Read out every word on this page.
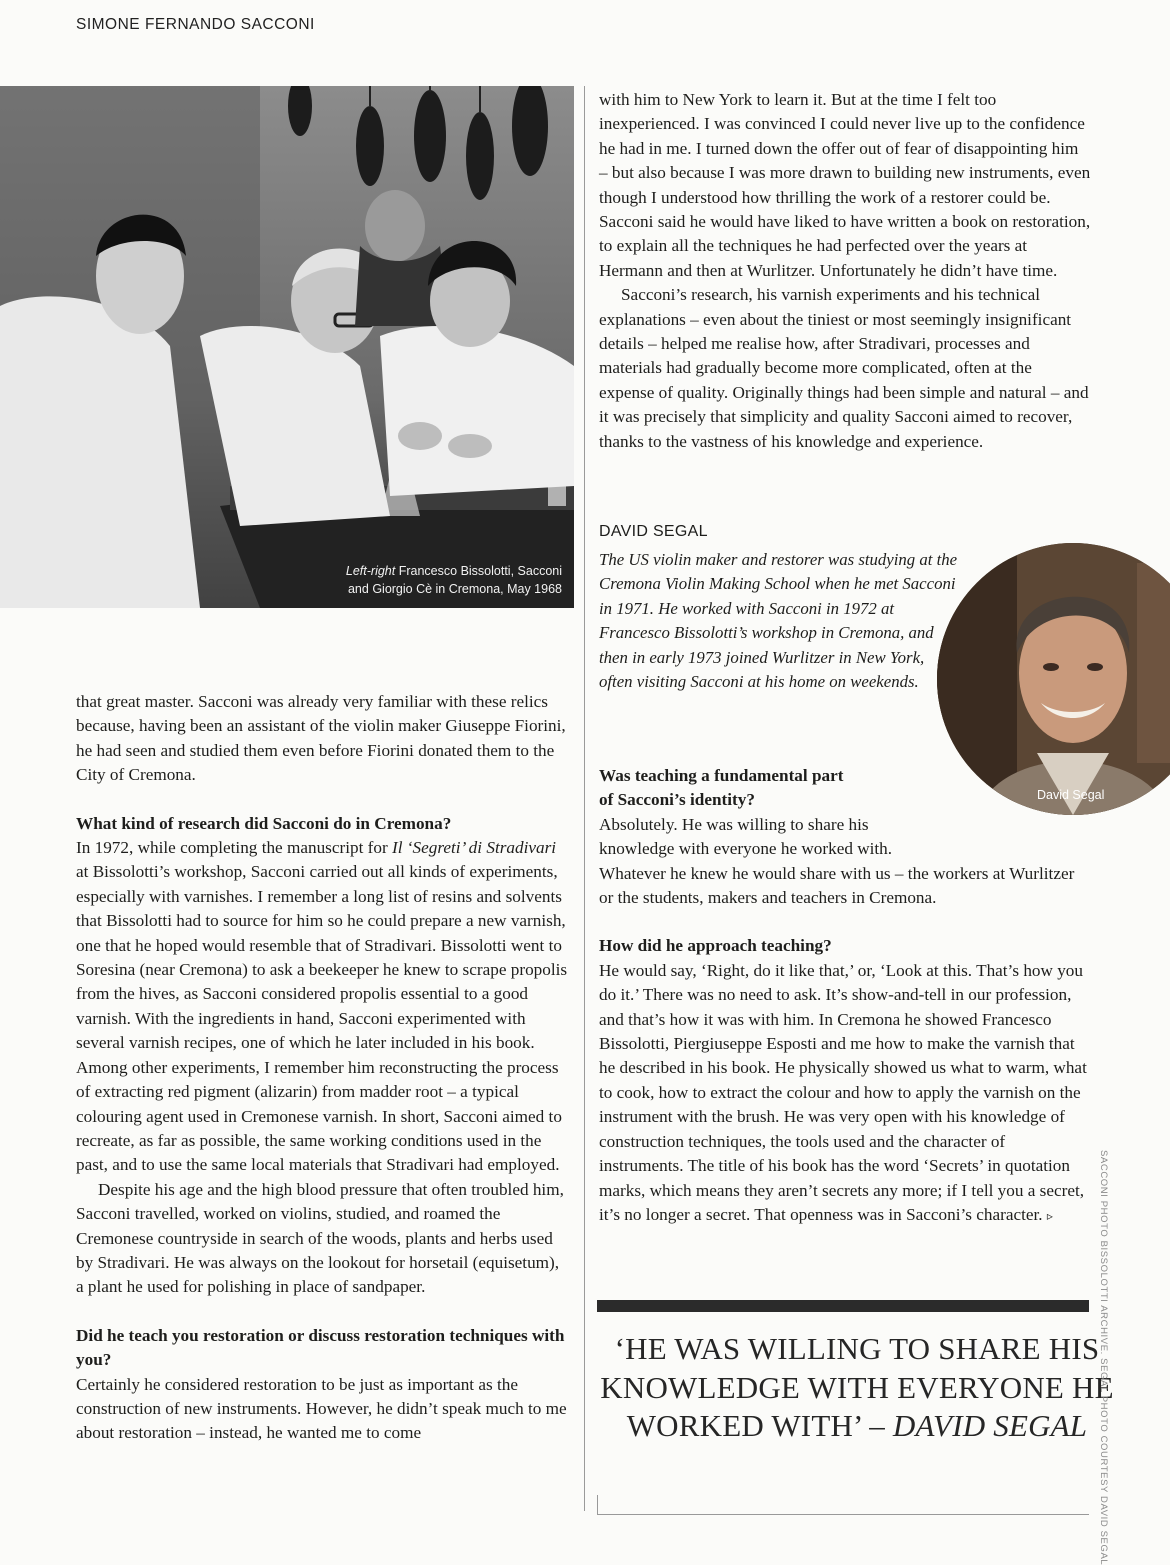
SIMONE FERNANDO SACCONI
Left-right Francesco Bissolotti, Sacconi
and Giorgio Cè in Cremona, May 1968

that great master. Sacconi was already very familiar with these relics because, having been an assistant of the violin maker Giuseppe Fiorini, he had seen and studied them even before Fiorini donated them to the City of Cremona.

What kind of research did Sacconi do in Cremona?

In 1972, while completing the manuscript for Il ‘Segreti’ di Stradivari at Bissolotti’s workshop, Sacconi carried out all kinds of experiments, especially with varnishes. I remember a long list of resins and solvents that Bissolotti had to source for him so he could prepare a new varnish, one that he hoped would resemble that of Stradivari. Bissolotti went to Soresina (near Cremona) to ask a beekeeper he knew to scrape propolis from the hives, as Sacconi considered propolis essential to a good varnish. With the ingredients in hand, Sacconi experimented with several varnish recipes, one of which he later included in his book. Among other experiments, I remember him reconstructing the process of extracting red pigment (alizarin) from madder root – a typical colouring agent used in Cremonese varnish. In short, Sacconi aimed to recreate, as far as possible, the same working conditions used in the past, and to use the same local materials that Stradivari had employed.

Despite his age and the high blood pressure that often troubled him, Sacconi travelled, worked on violins, studied, and roamed the Cremonese countryside in search of the woods, plants and herbs used by Stradivari. He was always on the lookout for horsetail (equisetum), a plant he used for polishing in place of sandpaper.

Did he teach you restoration or discuss restoration techniques with you?

Certainly he considered restoration to be just as important as the construction of new instruments. However, he didn’t speak much to me about restoration – instead, he wanted me to come

with him to New York to learn it. But at the time I felt too inexperienced. I was convinced I could never live up to the confidence he had in me. I turned down the offer out of fear of disappointing him – but also because I was more drawn to building new instruments, even though I understood how thrilling the work of a restorer could be. Sacconi said he would have liked to have written a book on restoration, to explain all the techniques he had perfected over the years at Hermann and then at Wurlitzer. Unfortunately he didn’t have time.

Sacconi’s research, his varnish experiments and his technical explanations – even about the tiniest or most seemingly insignificant details – helped me realise how, after Stradivari, processes and materials had gradually become more complicated, often at the expense of quality. Originally things had been simple and natural – and it was precisely that simplicity and quality Sacconi aimed to recover, thanks to the vastness of his knowledge and experience.

DAVID SEGAL
The US violin maker and restorer was studying at the Cremona Violin Making School when he met Sacconi in 1971. He worked with Sacconi in 1972 at Francesco Bissolotti’s workshop in Cremona, and then in early 1973 joined Wurlitzer in New York, often visiting Sacconi at his home on weekends.
David Segal
Was teaching a fundamental part
of Sacconi’s identity?

Absolutely. He was willing to share his
knowledge with everyone he worked with.
Whatever he knew he would share with us – the workers at Wurlitzer or the students, makers and teachers in Cremona.

How did he approach teaching?

He would say, ‘Right, do it like that,’ or, ‘Look at this. That’s how you do it.’ There was no need to ask. It’s show-and-tell in our profession, and that’s how it was with him. In Cremona he showed Francesco Bissolotti, Piergiuseppe Esposti and me how to make the varnish that he described in his book. He physically showed us what to warm, what to cook, how to extract the colour and how to apply the varnish on the instrument with the brush. He was very open with his knowledge of construction techniques, the tools used and the character of instruments. The title of his book has the word ‘Secrets’ in quotation marks, which means they aren’t secrets any more; if I tell you a secret, it’s no longer a secret. That openness was in Sacconi’s character. ▹

‘HE WAS WILLING TO SHARE HIS KNOWLEDGE WITH EVERYONE HE WORKED WITH’ – DAVID SEGAL	SACCONI PHOTO BISSOLOTTI ARCHIVE. SEGAL PHOTO COURTESY DAVID SEGAL
